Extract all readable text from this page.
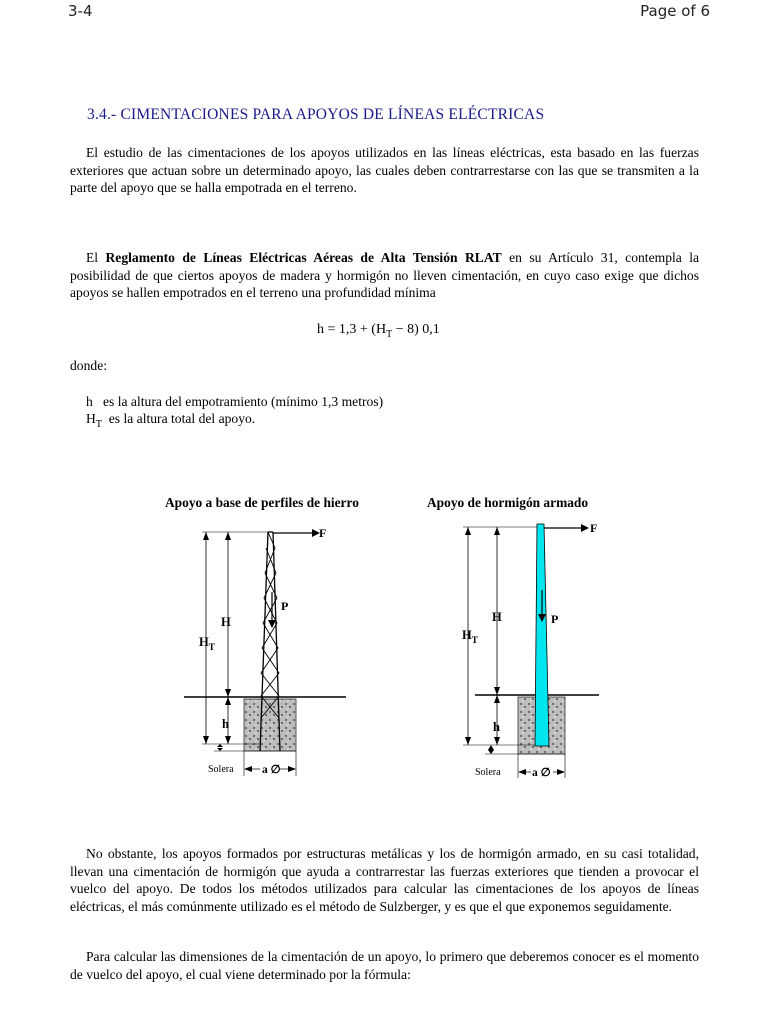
3-4	Page of 6
3.4.- CIMENTACIONES PARA APOYOS DE LÍNEAS ELÉCTRICAS
El estudio de las cimentaciones de los apoyos utilizados en las líneas eléctricas, esta basado en las fuerzas exteriores que actuan sobre un determinado apoyo, las cuales deben contrarrestarse con las que se transmiten a la parte del apoyo que se halla empotrada en el terreno.
El Reglamento de Líneas Eléctricas Aéreas de Alta Tensión RLAT en su Artículo 31, contempla la posibilidad de que ciertos apoyos de madera y hormigón no lleven cimentación, en cuyo caso exige que dichos apoyos se hallen empotrados en el terreno una profundidad mínima
$h = 1,3 + (H_T - 8)$ 0,1
donde:
h es la altura del empotramiento (mínimo 1,3 metros)
$H_T$ es la altura total del apoyo.
Apoyo a base de perfiles de hierro	Apoyo de hormigón armado
F
P
$H_T$
H
h
Solera a ∅
F
P
$H_T$
H
h
Solera	a ∅
No obstante, los apoyos formados por estructuras metálicas y los de hormigón armado, en su casi totalidad, llevan una cimentación de hormigón que ayuda a contrarrestar las fuerzas exteriores que tienden a provocar el vuelco del apoyo. De todos los métodos utilizados para calcular las cimentaciones de los apoyos de líneas eléctricas, el más comúnmente utilizado es el método de Sulzberger, y es que el que exponemos seguidamente.
Para calcular las dimensiones de la cimentación de un apoyo, lo primero que deberemos conocer es el momento de vuelco del apoyo, el cual viene determinado por la fórmula:
